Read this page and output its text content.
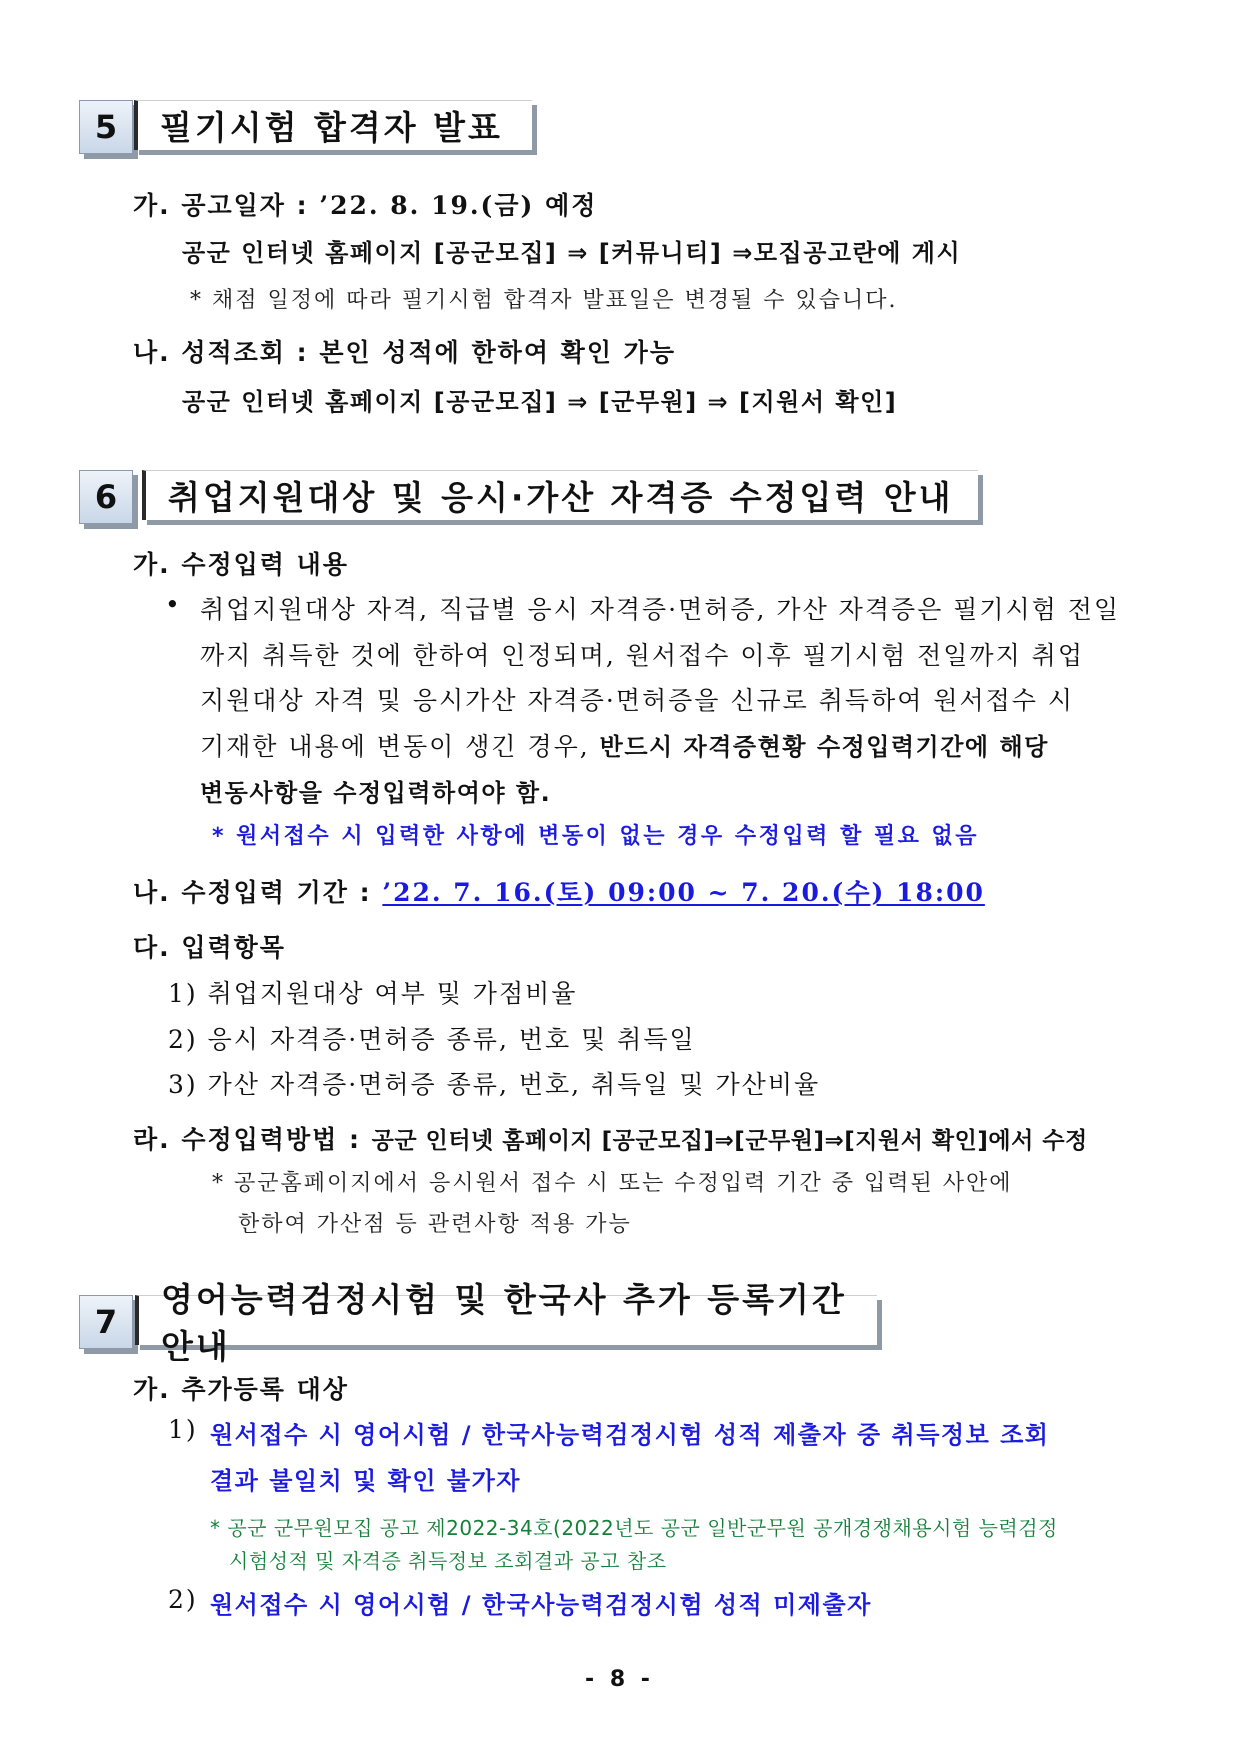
5	필기시험 합격자 발표
가. 공고일자 : ’22. 8. 19.(금) 예정
공군 인터넷 홈페이지 [공군모집] ⇒ [커뮤니티] ⇒모집공고란에 게시
* 채점 일정에 따라 필기시험 합격자 발표일은 변경될 수 있습니다.
나. 성적조회 : 본인 성적에 한하여 확인 가능
공군 인터넷 홈페이지 [공군모집] ⇒ [군무원] ⇒ [지원서 확인]
6	취업지원대상 및 응시·가산 자격증 수정입력 안내
가. 수정입력 내용
• 취업지원대상 자격, 직급별 응시 자격증·면허증, 가산 자격증은 필기시험 전일
까지 취득한 것에 한하여 인정되며, 원서접수 이후 필기시험 전일까지 취업
지원대상 자격 및 응시가산 자격증·면허증을 신규로 취득하여 원서접수 시
기재한 내용에 변동이 생긴 경우, 반드시 자격증현황 수정입력기간에 해당
변동사항을 수정입력하여야 함.
* 원서접수 시 입력한 사항에 변동이 없는 경우 수정입력 할 필요 없음
나. 수정입력 기간 : ’22. 7. 16.(토) 09:00 ~ 7. 20.(수) 18:00
다. 입력항목
1) 취업지원대상 여부 및 가점비율
2) 응시 자격증·면허증 종류, 번호 및 취득일
3) 가산 자격증·면허증 종류, 번호, 취득일 및 가산비율
라. 수정입력방법 : 공군 인터넷 홈페이지 [공군모집]⇒[군무원]⇒[지원서 확인]에서 수정
* 공군홈페이지에서 응시원서 접수 시 또는 수정입력 기간 중 입력된 사안에
한하여 가산점 등 관련사항 적용 가능
7
영어능력검정시험 및 한국사 추가 등록기간 안내
가. 추가등록 대상
1) 원서접수 시 영어시험 / 한국사능력검정시험 성적 제출자 중 취득정보 조회
결과 불일치 및 확인 불가자
* 공군 군무원모집 공고 제2022-34호(2022년도 공군 일반군무원 공개경쟁채용시험 능력검정
시험성적 및 자격증 취득정보 조회결과 공고 참조
2) 원서접수 시 영어시험 / 한국사능력검정시험 성적 미제출자
- 8 -
